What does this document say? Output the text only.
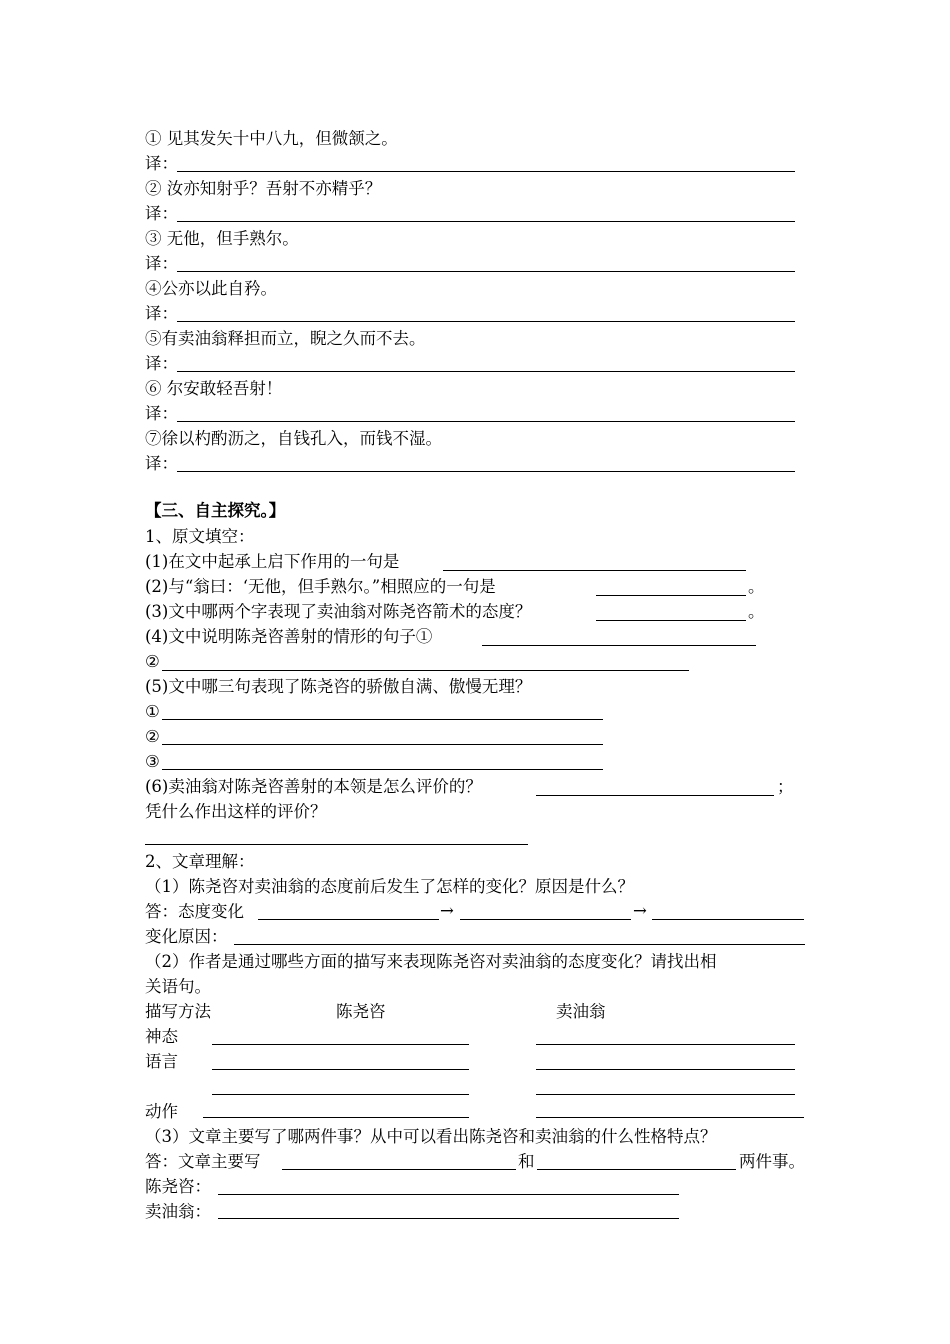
① 见其发矢十中八九，但微颔之。
译：
② 汝亦知射乎？吾射不亦精乎？
译：
③ 无他，但手熟尔。
译：
④公亦以此自矜。
译：
⑤有卖油翁释担而立，睨之久而不去。
译：
⑥ 尔安敢轻吾射！
译：
⑦徐以杓酌沥之，自钱孔入，而钱不湿。
译：
【三、自主探究。】
1、原文填空：
(1)在文中起承上启下作用的一句是
(2)与“翁曰：‘无他，但手熟尔。”相照应的一句是	。
(3)文中哪两个字表现了卖油翁对陈尧咨箭术的态度？	。
(4)文中说明陈尧咨善射的情形的句子①
②
(5)文中哪三句表现了陈尧咨的骄傲自满、傲慢无理？
①
②
③
(6)卖油翁对陈尧咨善射的本领是怎么评价的？	；
凭什么作出这样的评价？
2、文章理解：
（1）陈尧咨对卖油翁的态度前后发生了怎样的变化？原因是什么？
答：态度变化	→	→
变化原因：
（2）作者是通过哪些方面的描写来表现陈尧咨对卖油翁的态度变化？请找出相
关语句。
描写方法	陈尧咨	卖油翁
神态
语言
动作
（3）文章主要写了哪两件事？从中可以看出陈尧咨和卖油翁的什么性格特点？
答：文章主要写	和	两件事。
陈尧咨：
卖油翁：
